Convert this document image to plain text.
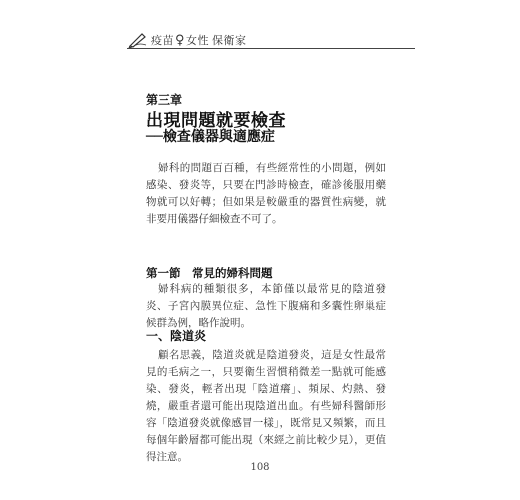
疫苗 ♀ 女性 保衛家
第三章
出現問題就要檢查
──檢查儀器與適應症

婦科的問題百百種，有些經常性的小問題，例如感染、發炎等，只要在門診時檢查，確診後服用藥物就可以好轉；但如果是較嚴重的器質性病變，就非要用儀器仔細檢查不可了。

第一節　常見的婦科問題

婦科病的種類很多，本節僅以最常見的陰道發炎、子宮內膜異位症、急性下腹痛和多囊性卵巢症候群為例，略作說明。

一、陰道炎

顧名思義，陰道炎就是陰道發炎，這是女性最常見的毛病之一，只要衛生習慣稍微差一點就可能感染、發炎，輕者出現「陰道癢」、頻尿、灼熱、發燒，嚴重者還可能出現陰道出血。有些婦科醫師形容「陰道發炎就像感冒一樣」，既常見又頻繁，而且每個年齡層都可能出現（來經之前比較少見），更值得注意。

108
